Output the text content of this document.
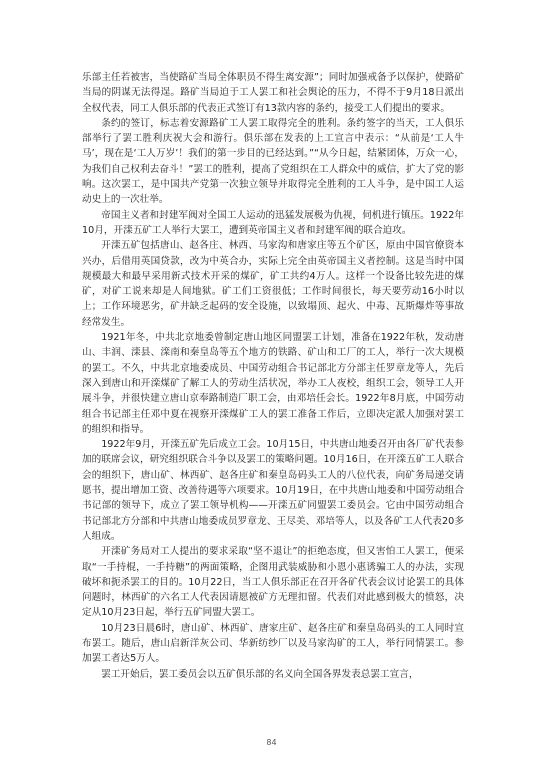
乐部主任若被害，当使路矿当局全体职员不得生离安源”；同时加强戒备予以保护，使路矿当局的阴谋无法得逞。路矿当局迫于工人罢工和社会舆论的压力，不得不于9月18日派出全权代表，同工人俱乐部的代表正式签订有13款内容的条约，接受工人们提出的要求。

条约的签订，标志着安源路矿工人罢工取得完全的胜利。条约签字的当天，工人俱乐部举行了罢工胜利庆祝大会和游行。俱乐部在发表的上工宣言中表示：“从前是‘工人牛马’，现在是‘工人万岁’！我们的第一步目的已经达到。”“从今日起，结紧团体，万众一心，为我们自己权利去奋斗！”罢工的胜利，提高了党组织在工人群众中的威信，扩大了党的影响。这次罢工，是中国共产党第一次独立领导并取得完全胜利的工人斗争，是中国工人运动史上的一次壮举。

帝国主义者和封建军阀对全国工人运动的迅猛发展极为仇视，伺机进行镇压。1922年10月，开滦五矿工人举行大罢工，遭到英帝国主义者和封建军阀的联合迫攻。

开滦五矿包括唐山、赵各庄、林西、马家沟和唐家庄等五个矿区，原由中国官僚资本兴办，后借用英国贷款，改为中英合办，实际上完全由英帝国主义者控制。这是当时中国规模最大和最早采用新式技术开采的煤矿，矿工共约4万人。这样一个设备比较先进的煤矿，对矿工说来却是人间地狱。矿工们工资很低；工作时间很长，每天要劳动16小时以上；工作环境恶劣，矿井缺乏起码的安全设施，以致塌顶、起火、中毒、瓦斯爆炸等事故经常发生。

1921年冬，中共北京地委曾制定唐山地区同盟罢工计划，准备在1922年秋，发动唐山、丰润、滦县、滦南和秦皇岛等五个地方的铁路、矿山和工厂的工人，举行一次大规模的罢工。不久，中共北京地委成员、中国劳动组合书记部北方分部主任罗章龙等人，先后深入到唐山和开滦煤矿了解工人的劳动生活状况，举办工人夜校，组织工会，领导工人开展斗争，并很快建立唐山京奉路制造厂职工会，由邓培任会长。1922年8月底，中国劳动组合书记部主任邓中夏在视察开滦煤矿工人的罢工准备工作后，立即决定派人加强对罢工的组织和指导。

1922年9月，开滦五矿先后成立工会。10月15日，中共唐山地委召开由各厂矿代表参加的联席会议，研究组织联合斗争以及罢工的策略问题。10月16日，在开滦五矿工人联合会的组织下，唐山矿、林西矿、赵各庄矿和秦皇岛码头工人的八位代表，向矿务局递交请愿书，提出增加工资、改善待遇等六项要求。10月19日，在中共唐山地委和中国劳动组合书记部的领导下，成立了罢工领导机构——开滦五矿同盟罢工委员会。它由中国劳动组合书记部北方分部和中共唐山地委成员罗章龙、王尽美、邓培等人，以及各矿工人代表20多人组成。

开滦矿务局对工人提出的要求采取“坚不退让”的拒绝态度，但又害怕工人罢工，便采取“一手持棍，一手持糖”的两面策略，企图用武装威胁和小恩小惠诱骗工人的办法，实现破坏和扼杀罢工的目的。10月22日，当工人俱乐部正在召开各矿代表会议讨论罢工的具体问题时，林西矿的六名工人代表因请愿被矿方无理扣留。代表们对此感到极大的愤怒，决定从10月23日起，举行五矿同盟大罢工。

10月23日晨6时，唐山矿、林西矿、唐家庄矿、赵各庄矿和秦皇岛码头的工人同时宣布罢工。随后，唐山启新洋灰公司、华新纺纱厂以及马家沟矿的工人，举行同情罢工。参加罢工者达5万人。

罢工开始后，罢工委员会以五矿俱乐部的名义向全国各界发表总罢工宣言，

84
